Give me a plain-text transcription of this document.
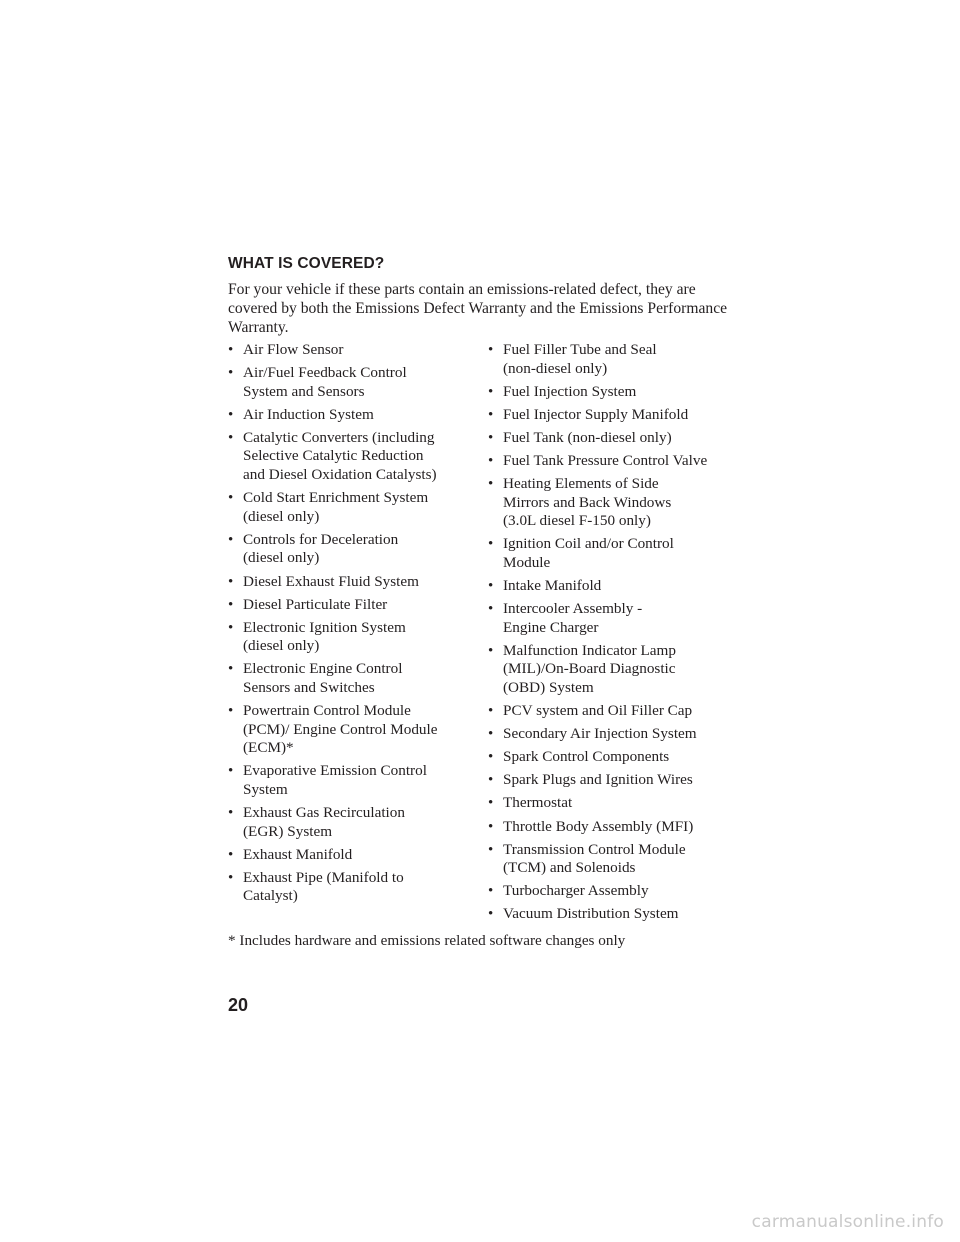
WHAT IS COVERED?

For your vehicle if these parts contain an emissions-related defect, they are covered by both the Emissions Defect Warranty and the Emissions Performance Warranty.

• Air Flow Sensor
• Air/Fuel Feedback Control
System and Sensors
• Air Induction System
• Catalytic Converters (including
Selective Catalytic Reduction
and Diesel Oxidation Catalysts)
• Cold Start Enrichment System
(diesel only)
• Controls for Deceleration
(diesel only)
• Diesel Exhaust Fluid System
• Diesel Particulate Filter
• Electronic Ignition System
(diesel only)
• Electronic Engine Control
Sensors and Switches
• Powertrain Control Module
(PCM)/ Engine Control Module
(ECM)*
• Evaporative Emission Control
System
• Exhaust Gas Recirculation
(EGR) System
• Exhaust Manifold
• Exhaust Pipe (Manifold to
Catalyst)
• Fuel Filler Tube and Seal
(non-diesel only)
• Fuel Injection System
• Fuel Injector Supply Manifold
• Fuel Tank (non-diesel only)
• Fuel Tank Pressure Control Valve
• Heating Elements of Side
Mirrors and Back Windows
(3.0L diesel F-150 only)
• Ignition Coil and/or Control
Module
• Intake Manifold
• Intercooler Assembly -
Engine Charger
• Malfunction Indicator Lamp
(MIL)/On-Board Diagnostic
(OBD) System
• PCV system and Oil Filler Cap
• Secondary Air Injection System
• Spark Control Components
• Spark Plugs and Ignition Wires
• Thermostat
• Throttle Body Assembly (MFI)
• Transmission Control Module
(TCM) and Solenoids
• Turbocharger Assembly
• Vacuum Distribution System
* Includes hardware and emissions related software changes only
20
carmanualsonline.info
